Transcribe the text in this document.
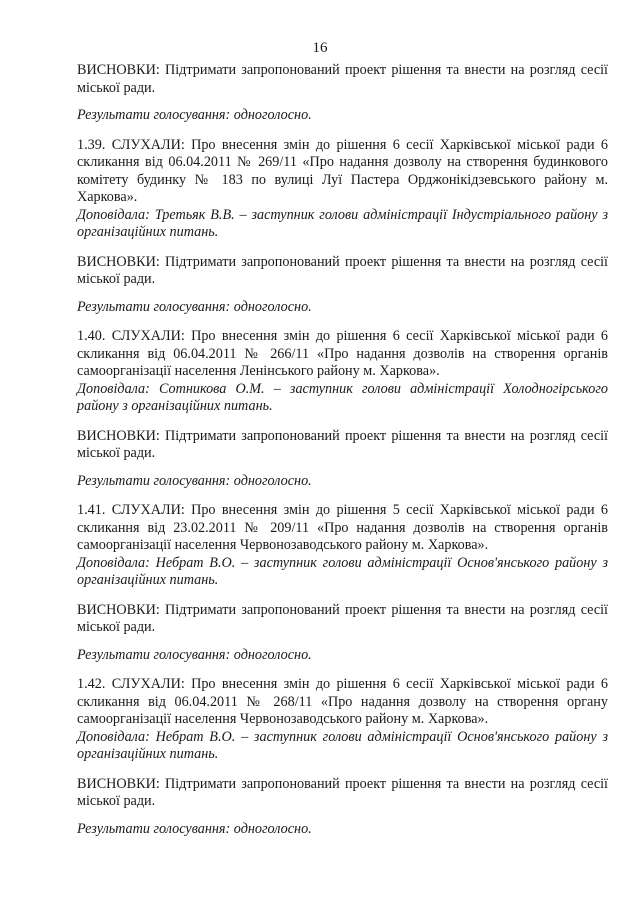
16

ВИСНОВКИ: Підтримати запропонований проект рішення та внести на розгляд сесії міської ради.

Результати голосування: одноголосно.

1.39. СЛУХАЛИ: Про внесення змін до рішення 6 сесії Харківської міської ради 6 скликання від 06.04.2011 № 269/11 «Про надання дозволу на створення будинкового комітету будинку № 183 по вулиці Луї Пастера Орджонікідзевського району м. Харкова».

Доповідала: Третьяк В.В. – заступник голови адміністрації Індустріального району з організаційних питань.

ВИСНОВКИ: Підтримати запропонований проект рішення та внести на розгляд сесії міської ради.

Результати голосування: одноголосно.

1.40. СЛУХАЛИ: Про внесення змін до рішення 6 сесії Харківської міської ради 6 скликання від 06.04.2011 № 266/11 «Про надання дозволів на створення органів самоорганізації населення Ленінського району м. Харкова».

Доповідала: Сотникова О.М. – заступник голови адміністрації Холодногірського району з організаційних питань.

ВИСНОВКИ: Підтримати запропонований проект рішення та внести на розгляд сесії міської ради.

Результати голосування: одноголосно.

1.41. СЛУХАЛИ: Про внесення змін до рішення 5 сесії Харківської міської ради 6 скликання від 23.02.2011 № 209/11 «Про надання дозволів на створення органів самоорганізації населення Червонозаводського району м. Харкова».

Доповідала: Небрат В.О. – заступник голови адміністрації Основ'янського району з організаційних питань.

ВИСНОВКИ: Підтримати запропонований проект рішення та внести на розгляд сесії міської ради.

Результати голосування: одноголосно.

1.42. СЛУХАЛИ: Про внесення змін до рішення 6 сесії Харківської міської ради 6 скликання від 06.04.2011 № 268/11 «Про надання дозволу на створення органу самоорганізації населення Червонозаводського району м. Харкова».

Доповідала: Небрат В.О. – заступник голови адміністрації Основ'янського району з організаційних питань.

ВИСНОВКИ: Підтримати запропонований проект рішення та внести на розгляд сесії міської ради.

Результати голосування: одноголосно.
